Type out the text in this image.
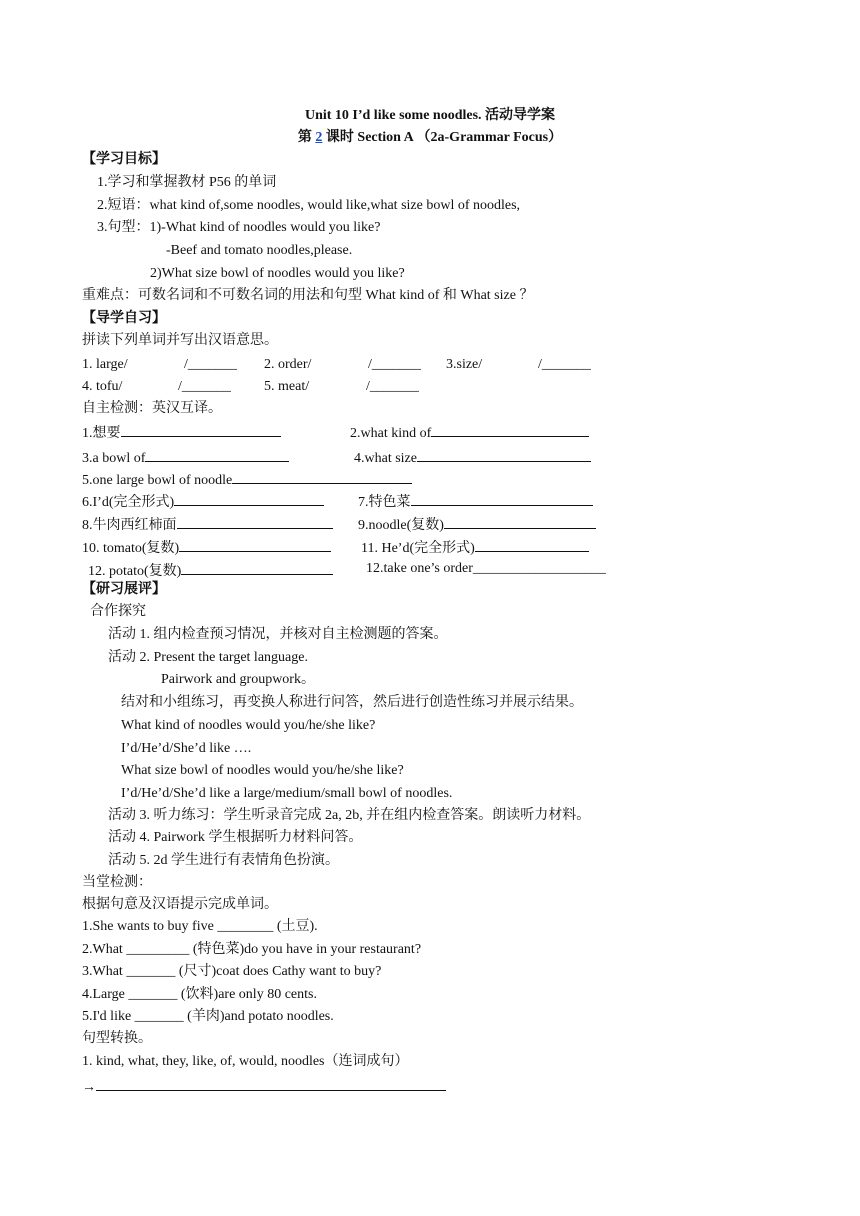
Unit 10 I’d like some noodles. 活动导学案
第 2 课时 Section A （2a-Grammar Focus）
【学习目标】
1.学习和掌握教材 P56 的单词
2.短语：what kind of,some noodles, would like,what size bowl of noodles,
3.句型：1)-What kind of noodles would you like?
-Beef and tomato noodles,please.
2)What size bowl of noodles would you like?
重难点：可数名词和不可数名词的用法和句型 What kind of 和 What size ？
【导学自习】
拼读下列单词并写出汉语意思。
1. large/	/_______ 2. order/	/_______ 3.size/	/_______
4. tofu/	/_______ 5. meat/	/_______
自主检测：英汉互译。
1.想要	2.what kind of
3.a bowl of	4.what size
5.one large bowl of noodle
6.I’d(完全形式)	7.特色菜
8.牛肉西红柿面	9.noodle(复数)
10. tomato(复数)	11. He’d(完全形式)
12. potato(复数)	12.take one’s order___________________
【研习展评】
合作探究
活动 1. 组内检查预习情况，并核对自主检测题的答案。
活动 2. Present the target language.
Pairwork and groupwork。
结对和小组练习，再变换人称进行问答，然后进行创造性练习并展示结果。
What kind of noodles would you/he/she like?
I’d/He’d/She’d like ….
What size bowl of noodles would you/he/she like?
I’d/He’d/She’d like a large/medium/small bowl of noodles.
活动 3. 听力练习：学生听录音完成 2a, 2b, 并在组内检查答案。朗读听力材料。
活动 4. Pairwork 学生根据听力材料问答。
活动 5. 2d 学生进行有表情角色扮演。
当堂检测：
根据句意及汉语提示完成单词。
1.She wants to buy five ________ (土豆).
2.What _________ (特色菜)do you have in your restaurant?
3.What _______ (尺寸)coat does Cathy want to buy?
4.Large _______ (饮料)are only 80 cents.
5.I'd like _______ (羊肉)and potato noodles.
句型转换。
1. kind, what, they, like, of, would, noodles（连词成句）
→
